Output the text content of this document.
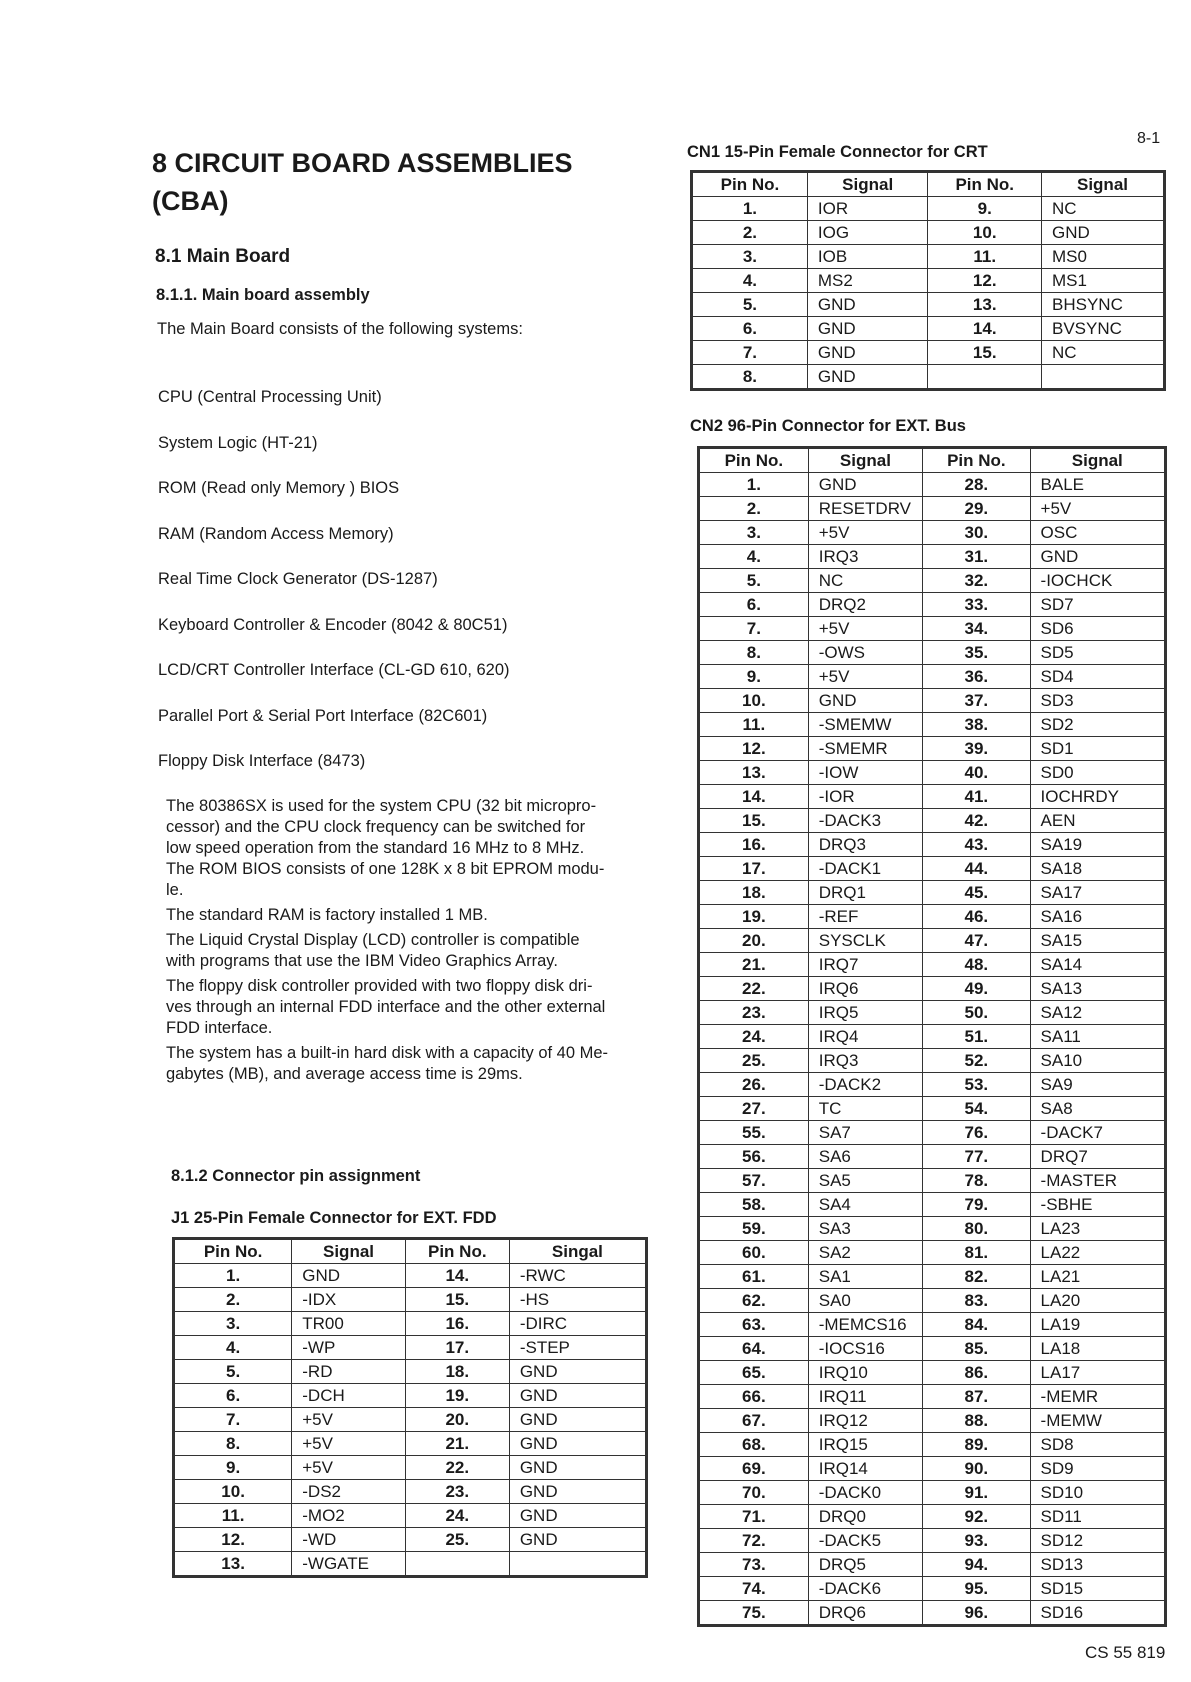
8-1
8 CIRCUIT BOARD ASSEMBLIES
(CBA)
8.1 Main Board
8.1.1. Main board assembly
The Main Board consists of the following systems:
CPU (Central Processing Unit)
System Logic (HT-21)
ROM (Read only Memory ) BIOS
RAM (Random Access Memory)
Real Time Clock Generator (DS-1287)
Keyboard Controller & Encoder (8042 & 80C51)
LCD/CRT Controller Interface (CL-GD 610, 620)
Parallel Port & Serial Port Interface (82C601)
Floppy Disk Interface (8473)
The 80386SX is used for the system CPU (32 bit micropro-
cessor) and the CPU clock frequency can be switched for
low speed operation from the standard 16 MHz to 8 MHz.
The ROM BIOS consists of one 128K x 8 bit EPROM modu-
le.
The standard RAM is factory installed 1 MB.
The Liquid Crystal Display (LCD) controller is compatible
with programs that use the IBM Video Graphics Array.
The floppy disk controller provided with two floppy disk dri-
ves through an internal FDD interface and the other external
FDD interface.
The system has a built-in hard disk with a capacity of 40 Me-
gabytes (MB), and average access time is 29ms.
8.1.2 Connector pin assignment
J1 25-Pin Female Connector for EXT. FDD
Pin No.	Signal	Pin No.	Singal
1.	GND	14.	-RWC
2.	-IDX	15.	-HS
3.	TR00	16.	-DIRC
4.	-WP	17.	-STEP
5.	-RD	18.	GND
6.	-DCH	19.	GND
7.	+5V	20.	GND
8.	+5V	21.	GND
9.	+5V	22.	GND
10.	-DS2	23.	GND
11.	-MO2	24.	GND
12.	-WD	25.	GND
13.	-WGATE		
CN1 15-Pin Female Connector for CRT
Pin No.	Signal	Pin No.	Signal
1.	IOR	9.	NC
2.	IOG	10.	GND
3.	IOB	11.	MS0
4.	MS2	12.	MS1
5.	GND	13.	BHSYNC
6.	GND	14.	BVSYNC
7.	GND	15.	NC
8.	GND		
CN2 96-Pin Connector for EXT. Bus
Pin No.	Signal	Pin No.	Signal
1.	GND	28.	BALE
2.	RESETDRV	29.	+5V
3.	+5V	30.	OSC
4.	IRQ3	31.	GND
5.	NC	32.	-IOCHCK
6.	DRQ2	33.	SD7
7.	+5V	34.	SD6
8.	-OWS	35.	SD5
9.	+5V	36.	SD4
10.	GND	37.	SD3
11.	-SMEMW	38.	SD2
12.	-SMEMR	39.	SD1
13.	-IOW	40.	SD0
14.	-IOR	41.	IOCHRDY
15.	-DACK3	42.	AEN
16.	DRQ3	43.	SA19
17.	-DACK1	44.	SA18
18.	DRQ1	45.	SA17
19.	-REF	46.	SA16
20.	SYSCLK	47.	SA15
21.	IRQ7	48.	SA14
22.	IRQ6	49.	SA13
23.	IRQ5	50.	SA12
24.	IRQ4	51.	SA11
25.	IRQ3	52.	SA10
26.	-DACK2	53.	SA9
27.	TC	54.	SA8
55.	SA7	76.	-DACK7
56.	SA6	77.	DRQ7
57.	SA5	78.	-MASTER
58.	SA4	79.	-SBHE
59.	SA3	80.	LA23
60.	SA2	81.	LA22
61.	SA1	82.	LA21
62.	SA0	83.	LA20
63.	-MEMCS16	84.	LA19
64.	-IOCS16	85.	LA18
65.	IRQ10	86.	LA17
66.	IRQ11	87.	-MEMR
67.	IRQ12	88.	-MEMW
68.	IRQ15	89.	SD8
69.	IRQ14	90.	SD9
70.	-DACK0	91.	SD10
71.	DRQ0	92.	SD11
72.	-DACK5	93.	SD12
73.	DRQ5	94.	SD13
74.	-DACK6	95.	SD15
75.	DRQ6	96.	SD16
CS 55 819
